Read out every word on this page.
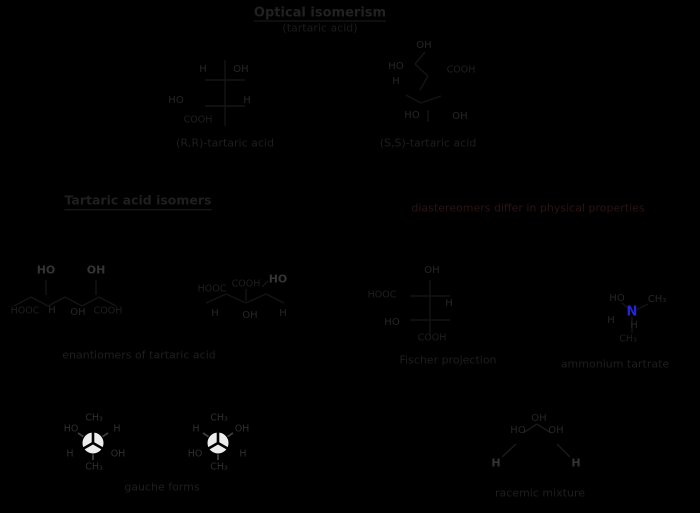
Optical isomerism
(tartaric acid)
H	OH
HO	H
COOH
(R,R)-tartaric acid
OH
HO
H
COOH
HO	OH
(S,S)-tartaric acid
Tartaric acid isomers
diastereomers differ in physical properties
HO	OH
HOOC H OH COOH
HOOC
HO
COOH
H OH H
enantiomers of tartaric acid
OH
HOOC
H
HO
COOH
Fischer projection
HO
N
CH₃
H H
CH₃
ammonium tartrate
CH₃
HO	H
H	OH
CH₃
CH₃
H	OH
HO	H
CH₃
gauche forms
OH
HO OH
H	H
racemic mixture
